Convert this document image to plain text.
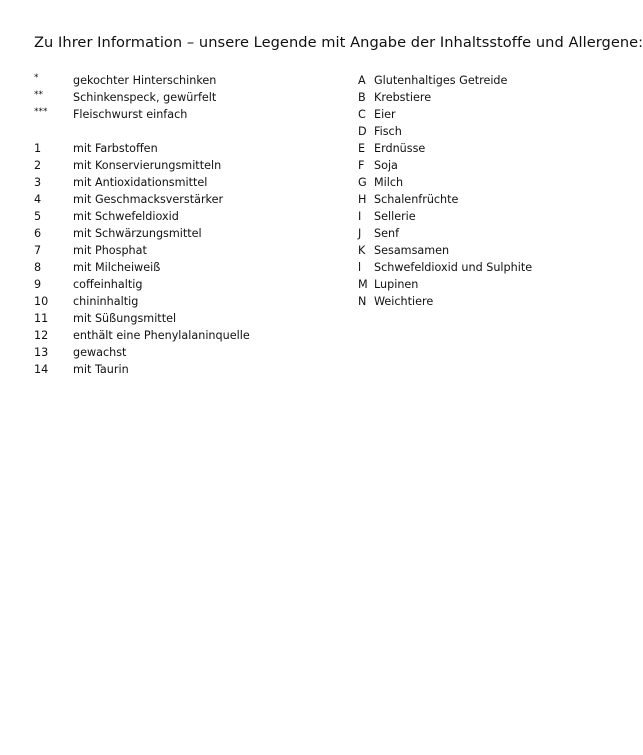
Zu Ihrer Information – unsere Legende mit Angabe der Inhaltsstoffe und Allergene:
*	gekochter Hinterschinken
**	Schinkenspeck, gewürfelt
*** Fleischwurst einfach
1	mit Farbstoffen
2	mit Konservierungsmitteln
3	mit Antioxidationsmittel
4	mit Geschmacksverstärker
5	mit Schwefeldioxid
6	mit Schwärzungsmittel
7	mit Phosphat
8	mit Milcheiweiß
9	coffeinhaltig
10 chininhaltig
11 mit Süßungsmittel
12 enthält eine Phenylalaninquelle
13 gewachst
14 mit Taurin
A Glutenhaltiges Getreide
B Krebstiere
C Eier
D Fisch
E Erdnüsse
F Soja
G Milch
H Schalenfrüchte
I Sellerie
J Senf
K Sesamsamen
l Schwefeldioxid und Sulphite
M Lupinen
N Weichtiere
